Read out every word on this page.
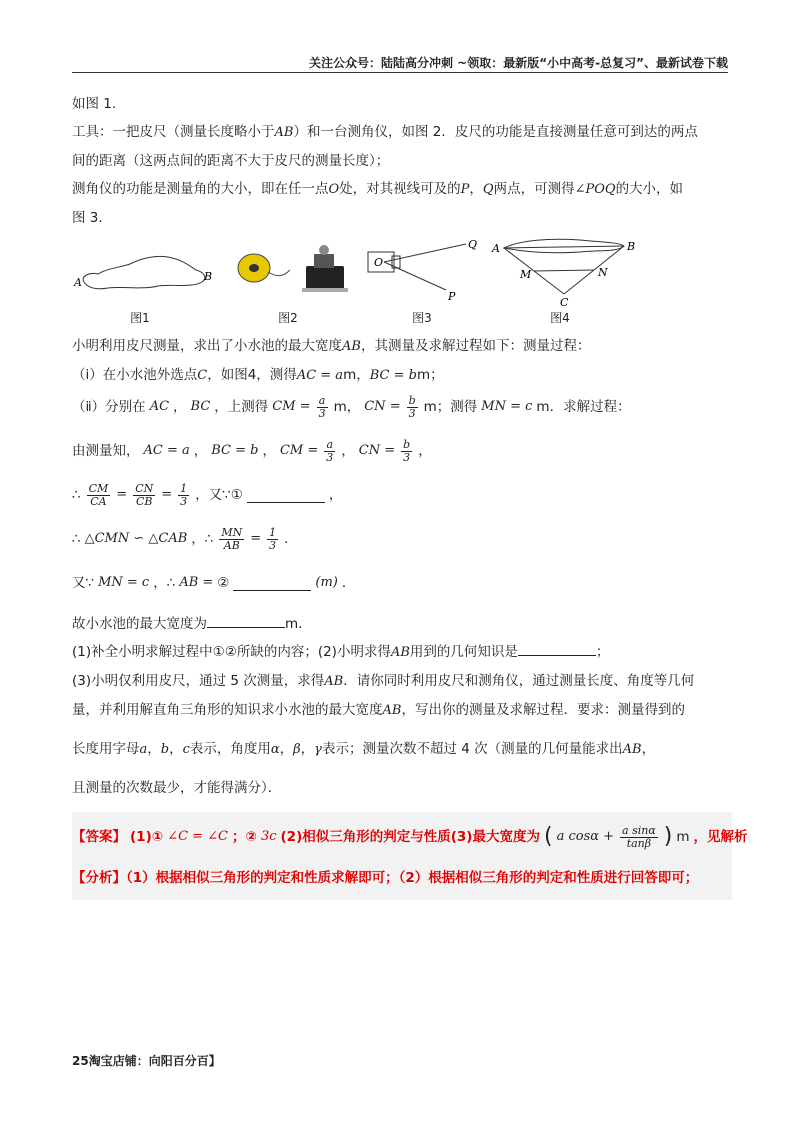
关注公众号：陆陆高分冲刺 ~领取：最新版“小中高考-总复习”、最新试卷下载
如图 1.
工具：一把皮尺（测量长度略小于AB）和一台测角仪，如图 2．皮尺的功能是直接测量任意可到达的两点
间的距离（这两点间的距离不大于皮尺的测量长度）；
测角仪的功能是测量角的大小，即在任一点O处，对其视线可及的P，Q两点，可测得∠POQ的大小，如
图 3．
A	B
图1	图2
O
Q
P
图3
A	B
M	N
C
图4
小明利用皮尺测量，求出了小水池的最大宽度AB，其测量及求解过程如下：测量过程：
（ⅰ）在小水池外选点C，如图4，测得AC = am，BC = bm；
（ⅱ）分别在 AC ， BC ，上测得 CM = $\frac{a}{3}$ m， CN = $\frac{b}{3}$ m；测得 MN = c m．求解过程：
由测量知， AC = a ， BC = b ， CM = $\frac{a}{3}$ ， CN = $\frac{b}{3}$ ，
∴ $\frac{CM}{CA} = \frac{CN}{CB} = \frac{1}{3}$ ，又∵①	，
∴ △CMN ∽ △CAB ，∴ $\frac{MN}{AB} = \frac{1}{3}$ ．
又∵ MN = c ，∴ AB = ②	(m) ．
故小水池的最大宽度为	m．
(1)补全小明求解过程中①②所缺的内容；(2)小明求得AB用到的几何知识是	；
(3)小明仅利用皮尺，通过 5 次测量，求得AB．请你同时利用皮尺和测角仪，通过测量长度、角度等几何
量，并利用解直角三角形的知识求小水池的最大宽度AB，写出你的测量及求解过程．要求：测量得到的
长度用字母a，b，c表示，角度用α，β，γ表示；测量次数不超过 4 次（测量的几何量能求出AB，
且测量的次数最少，才能得满分）．
【答案】 (1)① ∠C = ∠C ；② 3c (2)相似三角形的判定与性质(3)最大宽度为 ( a $\cos\alpha + \frac{\text{a sinα}}{\tan\beta}$ ) m ，见解析
【分析】（1）根据相似三角形的判定和性质求解即可；（2）根据相似三角形的判定和性质进行回答即可；
25淘宝店铺：向阳百分百】
